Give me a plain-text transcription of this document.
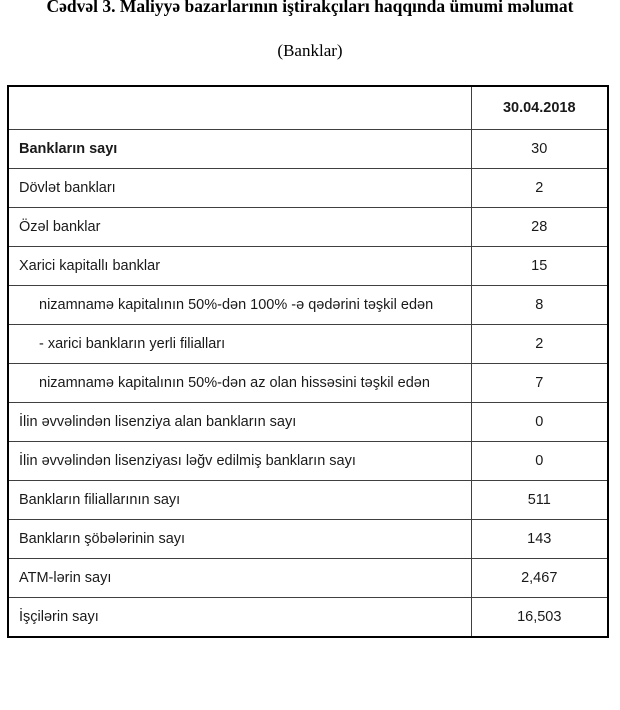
Cədvəl 3. Maliyyə bazarlarının iştirakçıları haqqında ümumi məlumat
(Banklar)
	30.04.2018
Bankların sayı	30
Dövlət bankları	2
Özəl banklar	28
Xarici kapitallı banklar	15
nizamnamə kapitalının 50%-dən 100% -ə qədərini təşkil edən	8
- xarici bankların yerli filialları	2
nizamnamə kapitalının 50%-dən az olan hissəsini təşkil edən	7
İlin əvvəlindən lisenziya alan bankların sayı	0
İlin əvvəlindən lisenziyası ləğv edilmiş bankların sayı	0
Bankların filiallarının sayı	511
Bankların şöbələrinin sayı	143
ATM-lərin sayı	2,467
İşçilərin sayı	16,503
